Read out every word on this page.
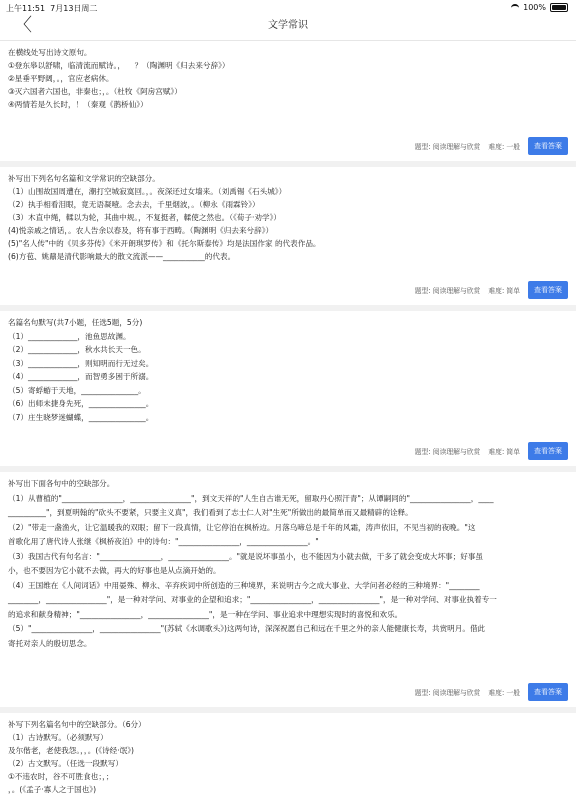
上午11:51 7月13日周二	100%
〈	文学常识
在横线处写出诗文原句。
①登东皋以舒啸，临清流而赋诗。，    ？（陶渊明《归去来兮辞》）
②星垂平野阔，。，官应老病休。
③灭六国者六国也，非秦也；，。（杜牧《阿房宫赋》）
④两情若是久长时，！（秦观《鹊桥仙》）
题型: 阅读理解与欣赏 难度: 一般	查看答案
补写出下列名句名篇和文学常识的空缺部分。
（1）山围故国周遭在，潮打空城寂寞回。，。夜深还过女墙来。（刘禹锡《石头城》）
（2）执手相看泪眼，竟无语凝噎。念去去，千里烟波，。（柳永《雨霖铃》）
（3）木直中绳，輮以为轮，其曲中规。，不复挺者，輮使之然也。（《荀子·劝学》）
(4)悦亲戚之情话，。农人告余以春及，将有事于西畴。（陶渊明《归去来兮辞》）
(5)"名人传"中的《贝多芬传》《米开朗琪罗传》和《托尔斯泰传》均是法国作家 的代表作品。
(6)方苞、姚鼐是清代影响最大的散文流派——___________的代表。
题型: 阅读理解与欣赏 难度: 简单	查看答案
名篇名句默写(共7小题，任选5题，5分)
（1）_____________，池鱼思故渊。
（2）_____________，秋水共长天一色。
（3）_____________，则知明而行无过矣。
（4）_____________，而智勇多困于所溺。
（5）寄蜉蝣于天地，_______________。
（6）出师未捷身先死，_______________。
（7）庄生晓梦迷蝴蝶，_______________。
题型: 阅读理解与欣赏 难度: 简单	查看答案
补写出下面各句中的空缺部分。
（1）从曹植的"________________，________________"，到文天祥的"人生自古谁无死，留取丹心照汗青"；从谭嗣同的"________________，____
__________"，到夏明翰的"砍头不要紧，只要主义真"，我们看到了志士仁人对"生死"所做出的最简单而又最精辟的诠释。
（2）"带走一盏渔火，让它温暖我的双眼；留下一段真情，让它停泊在枫桥边。月落乌啼总是千年的风霜，涛声依旧，不见当初的夜晚。"这
首歌化用了唐代诗人张继《枫桥夜泊》中的诗句："________________，________________。"
（3）我国古代有句名言："________________，________________。"就是说坏事虽小，也不能因为小就去做，干多了就会变成大坏事；好事虽
小，也不要因为它小就不去做，再大的好事也是从点滴开始的。
（4）王国维在《人间词话》中用晏殊、柳永、辛弃疾词中所创造的三种境界，来说明古今之成大事业、大学问者必经的三种境界："________
________，________________"，是一种对学问、对事业的企望和追求；"________________，________________"，是一种对学问、对事业执着专一
的追求和献身精神；"________________，________________"，是一种在学问、事业追求中理想实现时的喜悦和欢乐。
（5）"________________，________________"(苏轼《水调歌头》)这两句诗，深深祝愿自己和远在千里之外的亲人能健康长寿，共赏明月。借此
寄托对亲人的殷切思念。
题型: 阅读理解与欣赏 难度: 一般	查看答案
补写下列名篇名句中的空缺部分。（6分）
（1）古诗默写。（必须默写）
及尔偕老，老使我怨。，，。(《诗经·氓》)
（2）古文默写。（任选一段默写）
①不违农时，谷不可胜食也；，；
，。(《孟子·寡人之于国也》)
